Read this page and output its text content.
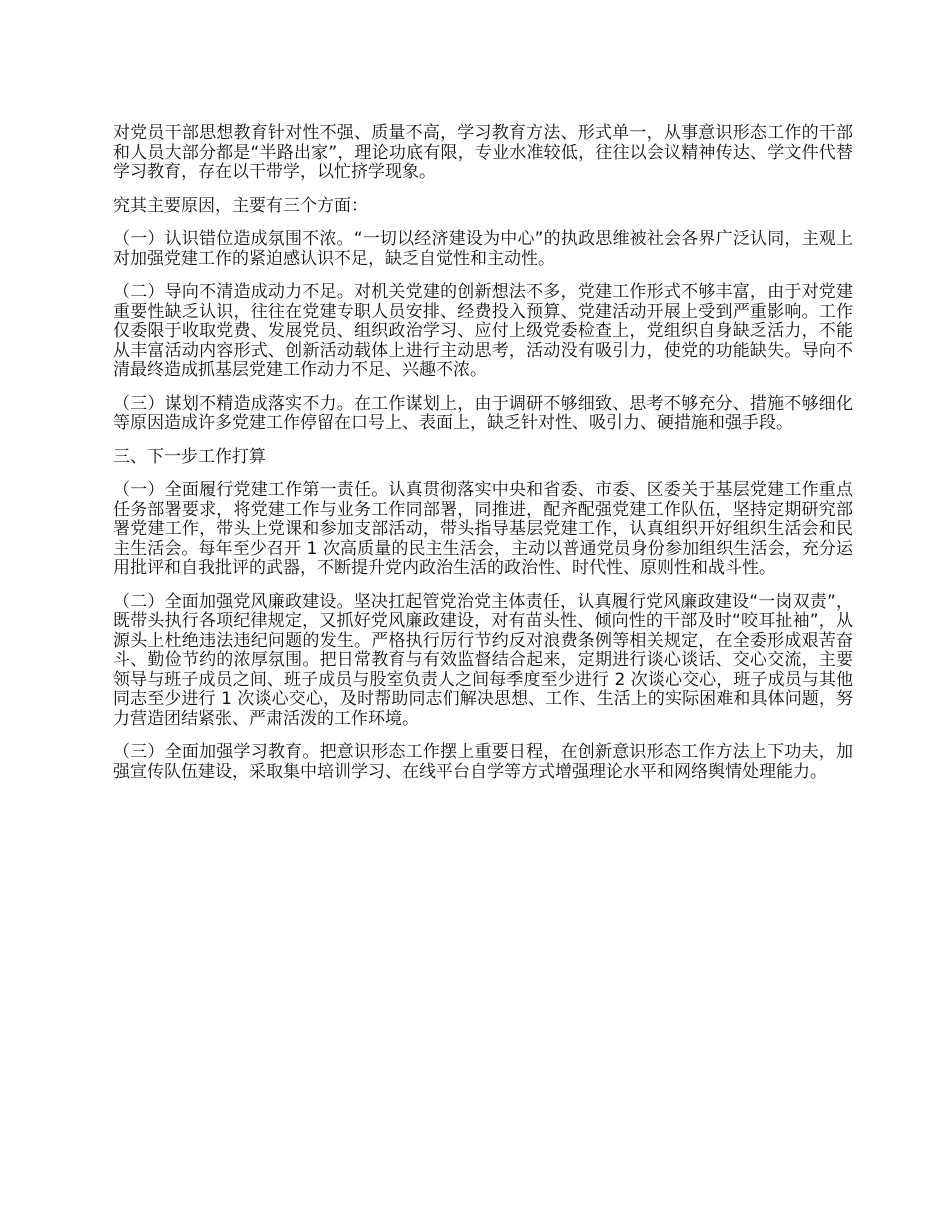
对党员干部思想教育针对性不强、质量不高，学习教育方法、形式单一，从事意识形态工作的干部和人员大部分都是“半路出家”，理论功底有限，专业水准较低，往往以会议精神传达、学文件代替学习教育，存在以干带学，以忙挤学现象。

究其主要原因，主要有三个方面：

（一）认识错位造成氛围不浓。“一切以经济建设为中心”的执政思维被社会各界广泛认同，主观上对加强党建工作的紧迫感认识不足，缺乏自觉性和主动性。

（二）导向不清造成动力不足。对机关党建的创新想法不多，党建工作形式不够丰富，由于对党建重要性缺乏认识，往往在党建专职人员安排、经费投入预算、党建活动开展上受到严重影响。工作仅委限于收取党费、发展党员、组织政治学习、应付上级党委检查上，党组织自身缺乏活力，不能从丰富活动内容形式、创新活动载体上进行主动思考，活动没有吸引力，使党的功能缺失。导向不清最终造成抓基层党建工作动力不足、兴趣不浓。

（三）谋划不精造成落实不力。在工作谋划上，由于调研不够细致、思考不够充分、措施不够细化等原因造成许多党建工作停留在口号上、表面上，缺乏针对性、吸引力、硬措施和强手段。

三、下一步工作打算

（一）全面履行党建工作第一责任。认真贯彻落实中央和省委、市委、区委关于基层党建工作重点任务部署要求，将党建工作与业务工作同部署，同推进，配齐配强党建工作队伍，坚持定期研究部署党建工作，带头上党课和参加支部活动，带头指导基层党建工作，认真组织开好组织生活会和民主生活会。每年至少召开 1 次高质量的民主生活会，主动以普通党员身份参加组织生活会，充分运用批评和自我批评的武器，不断提升党内政治生活的政治性、时代性、原则性和战斗性。

（二）全面加强党风廉政建设。坚决扛起管党治党主体责任，认真履行党风廉政建设“一岗双责”，既带头执行各项纪律规定，又抓好党风廉政建设，对有苗头性、倾向性的干部及时“咬耳扯袖”，从源头上杜绝违法违纪问题的发生。严格执行厉行节约反对浪费条例等相关规定，在全委形成艰苦奋斗、勤俭节约的浓厚氛围。把日常教育与有效监督结合起来，定期进行谈心谈话、交心交流，主要领导与班子成员之间、班子成员与股室负责人之间每季度至少进行 2 次谈心交心，班子成员与其他同志至少进行 1 次谈心交心，及时帮助同志们解决思想、工作、生活上的实际困难和具体问题，努力营造团结紧张、严肃活泼的工作环境。

（三）全面加强学习教育。把意识形态工作摆上重要日程，在创新意识形态工作方法上下功夫，加强宣传队伍建设，采取集中培训学习、在线平台自学等方式增强理论水平和网络舆情处理能力。
